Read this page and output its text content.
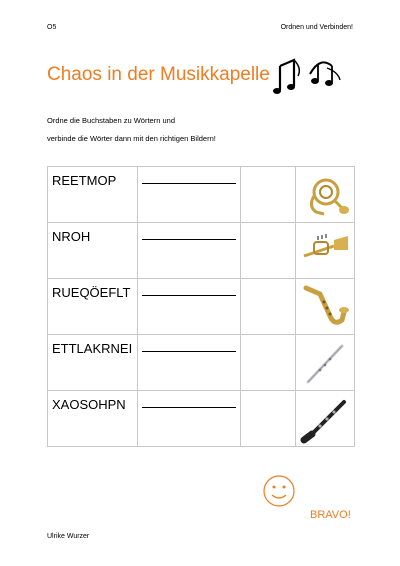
O5	Ordnen und Verbinden!
Chaos in der Musikkapelle
Ordne die Buchstaben zu Wörtern und
verbinde die Wörter dann mit den richtigen Bildern!
REETMOP	

NROH	

RUEQÖEFLT	

ETTLAKRNEI	

XAOSOHPN	

BRAVO!
Ulrike Wurzer
